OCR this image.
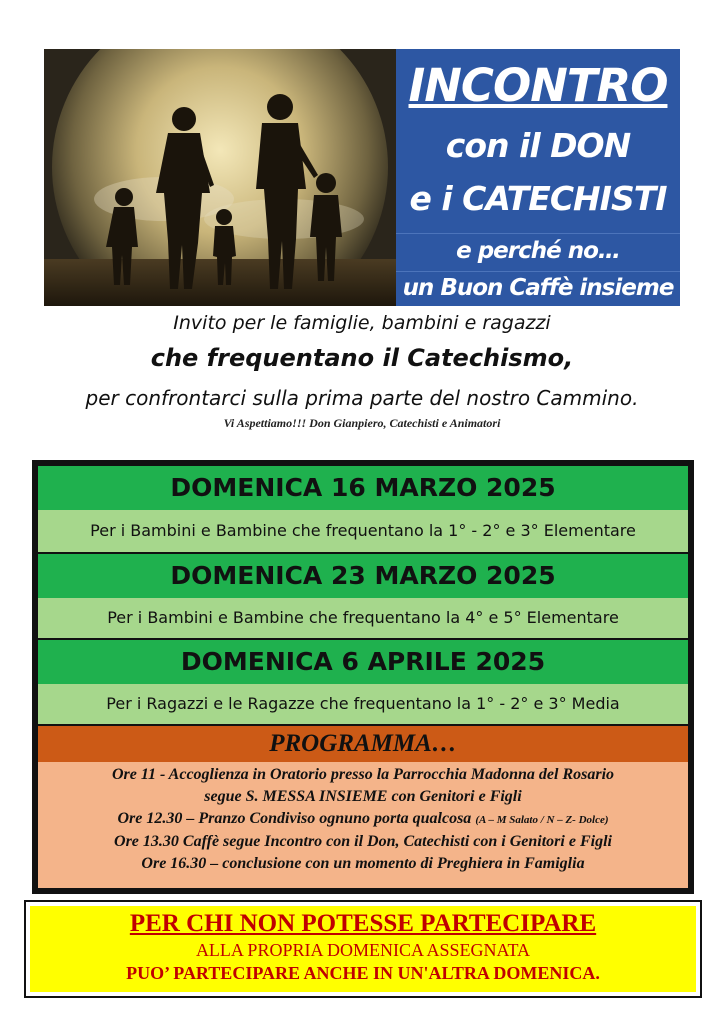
INCONTRO
con il DON
e i CATECHISTI
e perché no…
un Buon Caffè insieme
Invito per le famiglie, bambini e ragazzi
che frequentano il Catechismo,
per confrontarci sulla prima parte del nostro Cammino.
Vi Aspettiamo!!! Don Gianpiero, Catechisti e Animatori
DOMENICA 16 MARZO 2025
Per i Bambini e Bambine che frequentano la 1° - 2° e 3° Elementare
DOMENICA 23 MARZO 2025
Per i Bambini e Bambine che frequentano la 4° e 5° Elementare
DOMENICA 6 APRILE 2025
Per i Ragazzi e le Ragazze che frequentano la 1° - 2° e 3° Media
PROGRAMMA…
Ore 11 - Accoglienza in Oratorio presso la Parrocchia Madonna del Rosario
segue S. MESSA INSIEME con Genitori e Figli
Ore 12.30 – Pranzo Condiviso ognuno porta qualcosa (A – M Salato / N – Z- Dolce)
Ore 13.30 Caffè segue Incontro con il Don, Catechisti con i Genitori e Figli
Ore 16.30 – conclusione con un momento di Preghiera in Famiglia
PER CHI NON POTESSE PARTECIPARE
ALLA PROPRIA DOMENICA ASSEGNATA
PUO’ PARTECIPARE ANCHE IN UN'ALTRA DOMENICA.
